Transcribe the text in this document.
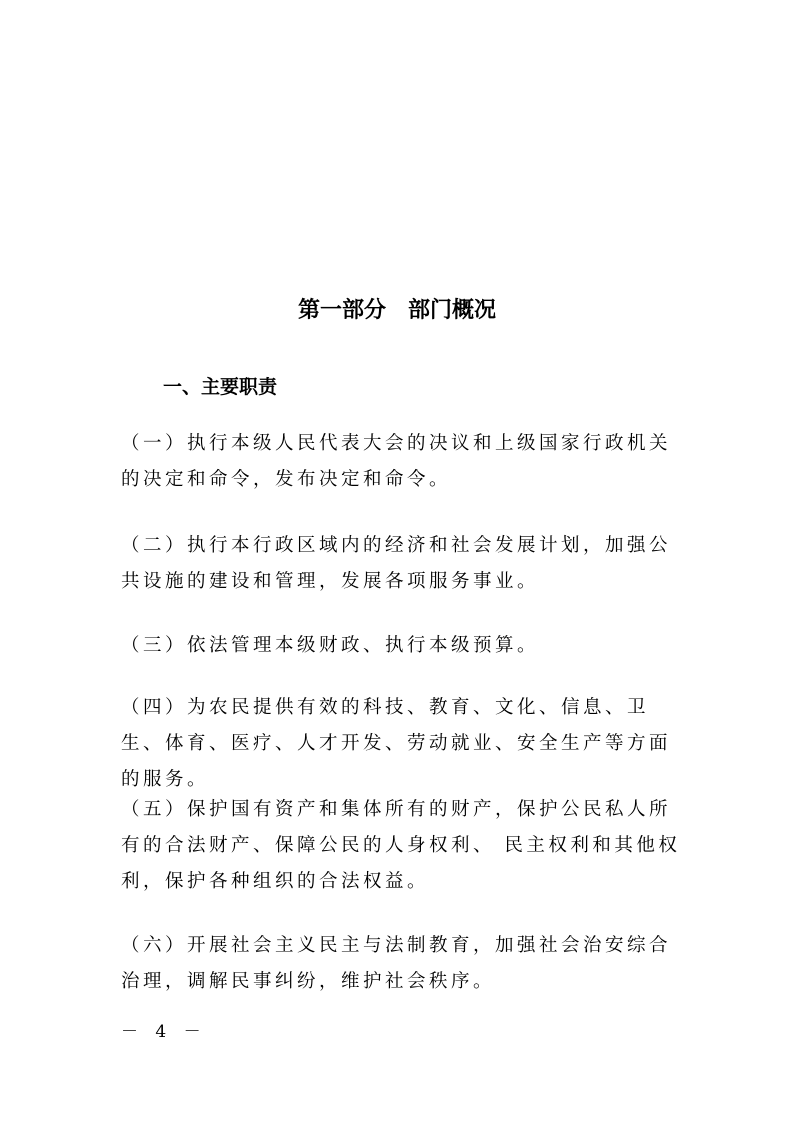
第一部分　部门概况
一、主要职责

（一）执行本级人民代表大会的决议和上级国家行政机关的决定和命令，发布决定和命令。

（二）执行本行政区域内的经济和社会发展计划，加强公共设施的建设和管理，发展各项服务事业。

（三）依法管理本级财政、执行本级预算。

（四）为农民提供有效的科技、教育、文化、信息、卫生、体育、医疗、人才开发、劳动就业、安全生产等方面的服务。

（五）保护国有资产和集体所有的财产，保护公民私人所有的合法财产、保障公民的人身权利、 民主权利和其他权利，保护各种组织的合法权益。

（六）开展社会主义民主与法制教育，加强社会治安综合治理，调解民事纠纷，维护社会秩序。

－ 4 －
